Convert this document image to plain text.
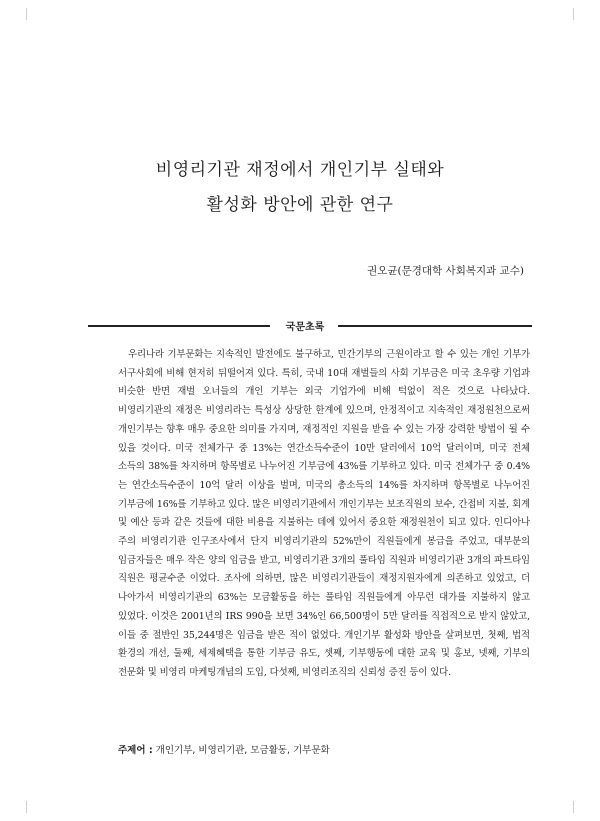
비영리기관 재정에서 개인기부 실태와
활성화 방안에 관한 연구
권오균(문경대학 사회복지과 교수)
국문초록

우리나라 기부문화는 지속적인 발전에도 불구하고, 민간기부의 근원이라고 할 수 있는 개인 기부가 서구사회에 비해 현저히 뒤떨어져 있다. 특히, 국내 10대 재벌들의 사회 기부금은 미국 초우량 기업과 비슷한 반면 재벌 오너들의 개인 기부는 외국 기업가에 비해 턱없이 적은 것으로 나타났다. 비영리기관의 재정은 비영리라는 특성상 상당한 한계에 있으며, 안정적이고 지속적인 재정원천으로써 개인기부는 향후 매우 중요한 의미를 가지며, 재정적인 지원을 받을 수 있는 가장 강력한 방법이 될 수 있을 것이다. 미국 전체가구 중 13%는 연간소득수준이 10만 달러에서 10억 달러이며, 미국 전체 소득의 38%를 차지하며 항목별로 나누어진 기부금에 43%를 기부하고 있다. 미국 전체가구 중 0.4%는 연간소득수준이 10억 달러 이상을 벌며, 미국의 총소득의 14%를 차지하며 항목별로 나누어진 기부금에 16%를 기부하고 있다. 많은 비영리기관에서 개인기부는 보조직원의 보수, 간접비 지불, 회계 및 예산 등과 같은 것들에 대한 비용을 지불하는 데에 있어서 중요한 재정원천이 되고 있다. 인디아나 주의 비영리기관 인구조사에서 단지 비영리기관의 52%만이 직원들에게 봉급을 주었고, 대부분의 임금자들은 매우 작은 양의 임금을 받고, 비영리기관 3개의 풀타임 직원과 비영리기관 3개의 파트타임 직원은 평균수준 이었다. 조사에 의하면, 많은 비영리기관들이 재정지원자에게 의존하고 있었고, 더 나아가서 비영리기관의 63%는 모금활동을 하는 풀타임 직원들에게 아무런 대가를 지불하지 않고 있었다. 이것은 2001년의 IRS 990을 보면 34%인 66,500명이 5만 달러를 직접적으로 받지 않았고, 이들 중 절반인 35,244명은 임금을 받은 적이 없었다. 개인기부 활성화 방안을 살펴보면, 첫째, 법적 환경의 개선, 둘째, 세제혜택을 통한 기부금 유도, 셋째, 기부행동에 대한 교육 및 홍보, 넷째, 기부의 전문화 및 비영리 마케팅개념의 도입, 다섯째, 비영리조직의 신뢰성 증진 등이 있다.

주제어 : 개인기부, 비영리기관, 모금활동, 기부문화
